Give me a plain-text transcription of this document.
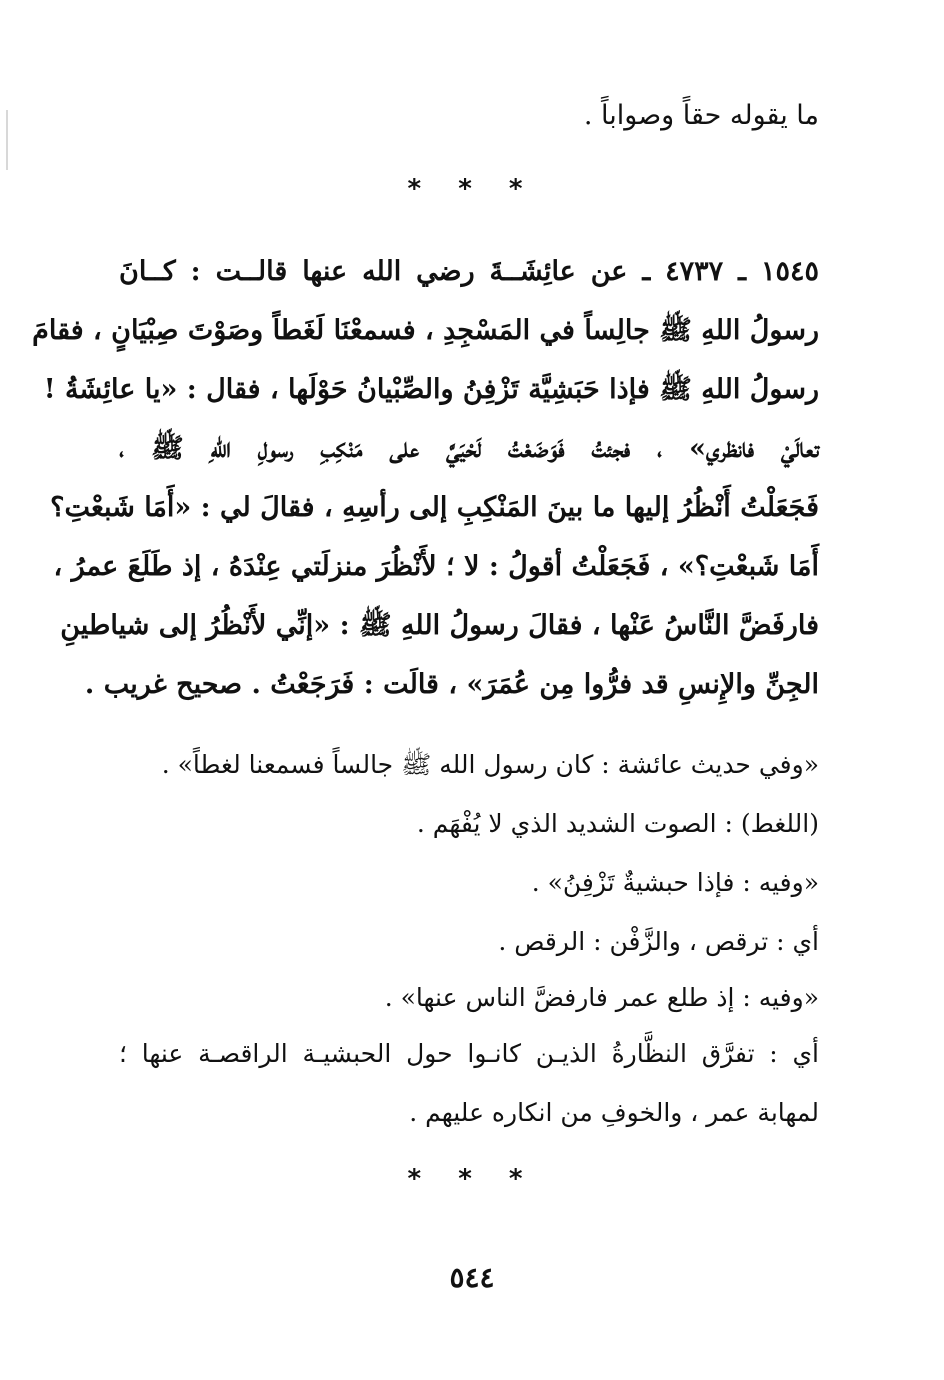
ما يقوله حقاً وصواباً .
* * *
١٥٤٥ ـ ٤٧٣٧ ـ عن عائِشَــةَ رضي الله عنها قالــت : كــانَ
رسولُ اللهِ ﷺ جالِساً في المَسْجِدِ ، فسمعْنَا لَغَطاً وصَوْتَ صِبْيَانٍ ، فقامَ
رسولُ اللهِ ﷺ فإذا حَبَشِيَّة تَزْفِنُ والصِّبْيانُ حَوْلَها ، فقال : «يا عائِشَةُ !
تعالَيْ فانظري» ، فجئتُ فَوَضَعْتُ لَحْيَيَّ على مَنْكِبِ رسولِ اللهِ ﷺ ،
فَجَعَلْتُ أَنْظُرُ إليها ما بينَ المَنْكِبِ إلى رأسِهِ ، فقالَ لي : «أَمَا شَبعْتِ؟
أَمَا شَبعْتِ؟» ، فَجَعَلْتُ أقولُ : لا ؛ لأَنْظُرَ منزلَتي عِنْدَهُ ، إذ طَلَعَ عمرُ ،
فارفَضَّ النَّاسُ عَنْها ، فقالَ رسولُ اللهِ ﷺ : «إنِّي لأَنْظُرُ إلى شياطينِ
الجِنِّ والإِنسِ قد فرُّوا مِن عُمَرَ» ، قالَت : فَرَجَعْتُ . صحيح غريب .
«وفي حديث عائشة : كان رسول الله ﷺ جالساً فسمعنا لغطاً» .
(اللغط) : الصوت الشديد الذي لا يُفْهَم .
«وفيه : فإذا حبشيةٌ تَزْفِنُ» .
أي : ترقص ، والزَّفْن : الرقص .
«وفيه : إذ طلع عمر فارفضَّ الناس عنها» .
أي : تفرَّق النظَّارةُ الذيـن كانـوا حول الحبشيـة الراقصـة عنها ؛
لمهابة عمر ، والخوفِ من انكاره عليهم .
* * *
٥٤٤
